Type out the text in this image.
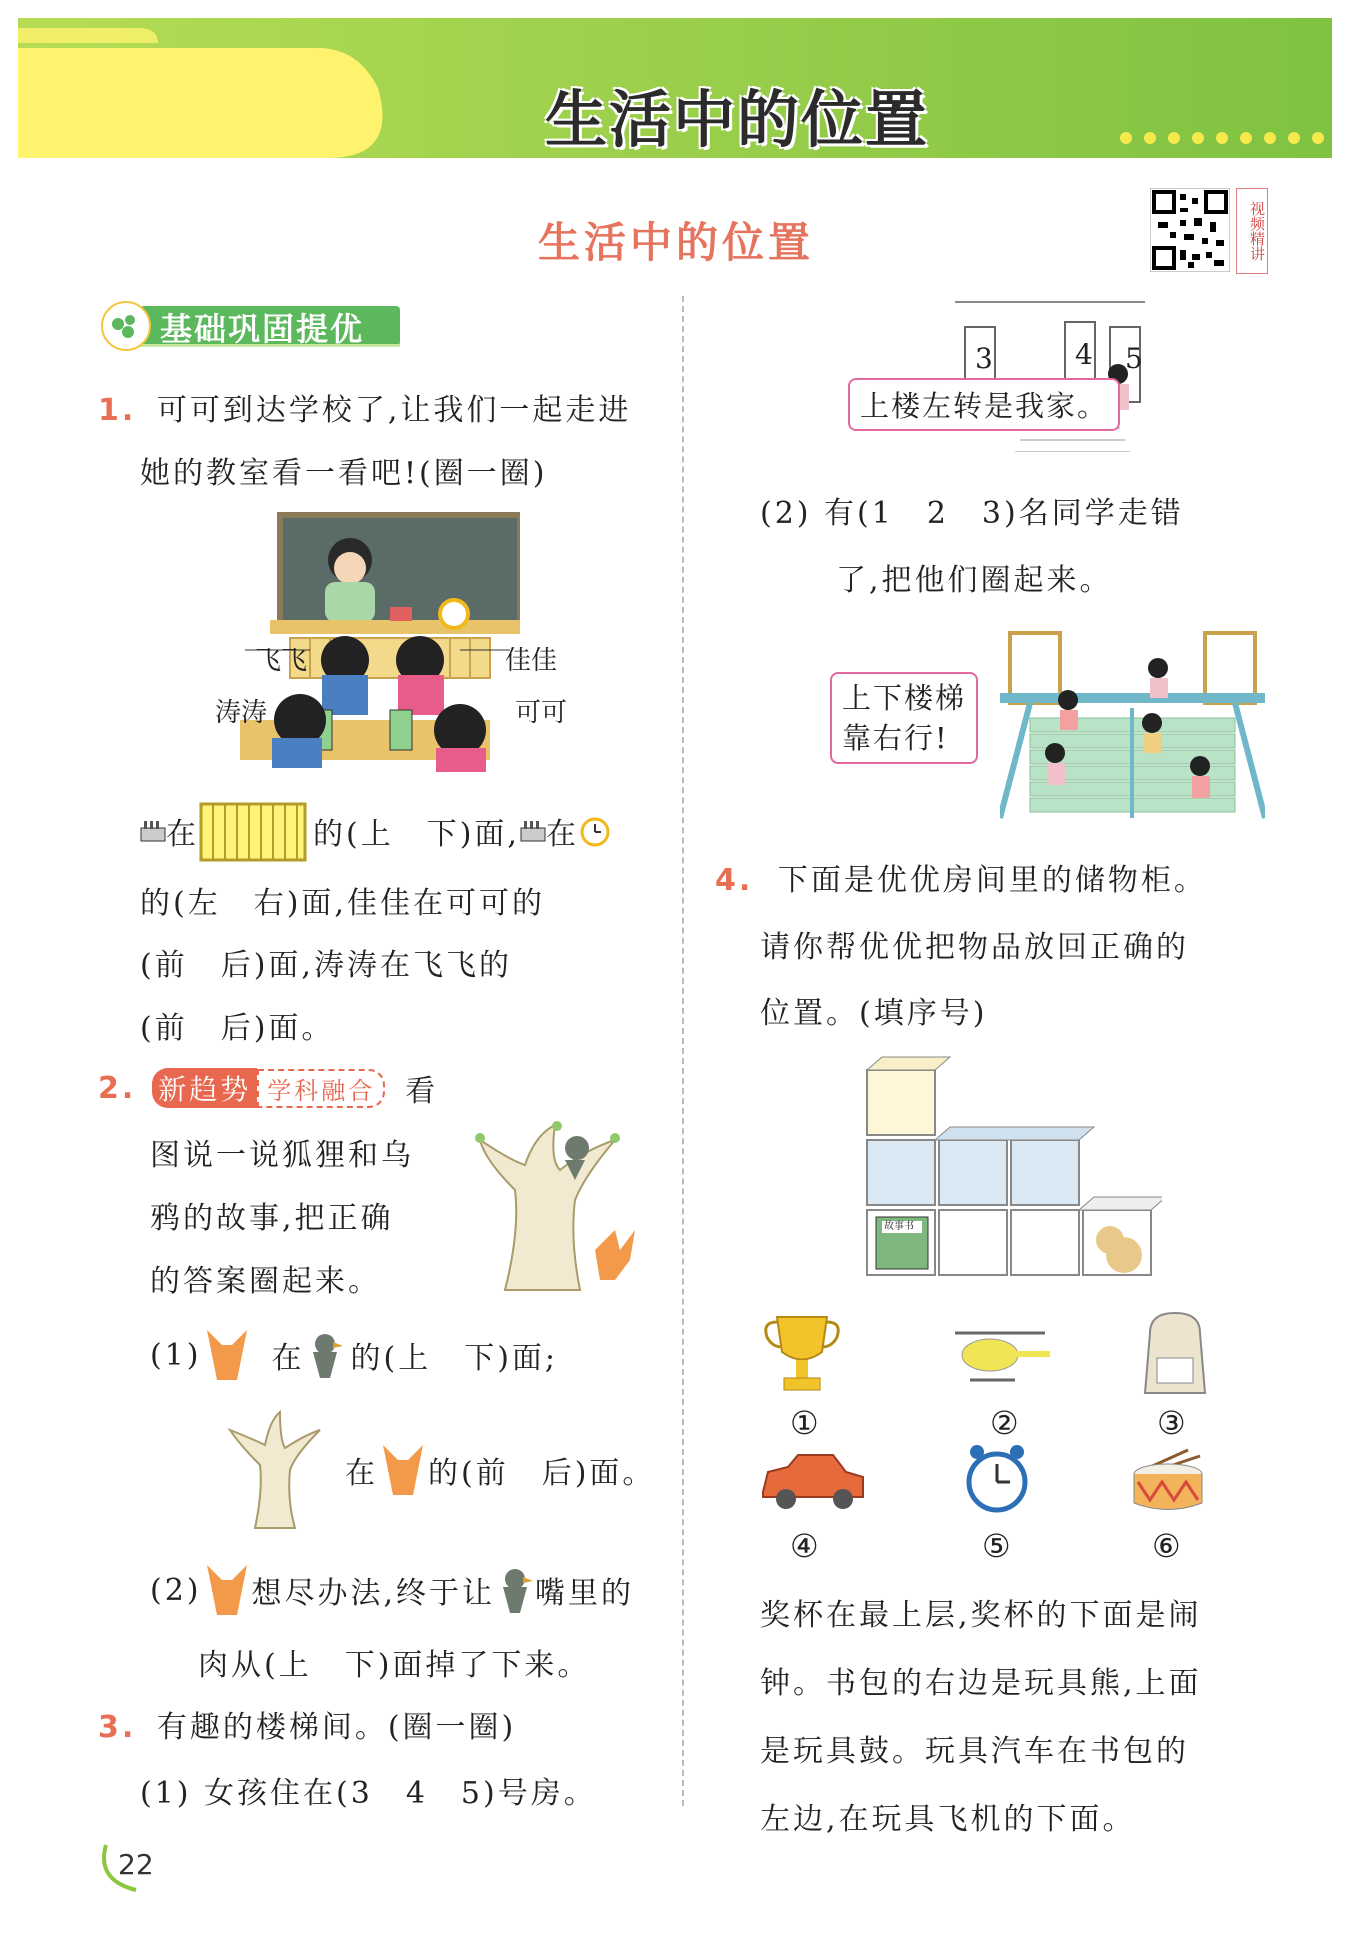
生活中的位置
生活中的位置	视频精讲
基础巩固提优
1. 可可到达学校了,让我们一起走进
她的教室看一看吧!(圈一圈)
飞飞	佳佳
涛涛	可可
在	的(上　下)面, 在
的(左　右)面,佳佳在可可的
(前　后)面,涛涛在飞飞的
(前　后)面。
2. 新趋势 学科融合	看
图说一说狐狸和乌
鸦的故事,把正确
的答案圈起来。
(1) 在 的(上　下)面;
在 的(前　后)面。
(2) 想尽办法,终于让 嘴里的
肉从(上　下)面掉了下来。
3. 有趣的楼梯间。(圈一圈)
(1) 女孩住在(3　4　5)号房。
22
3	4 5
上楼左转是我家。
(2) 有(1　2　3)名同学走错
了,把他们圈起来。
上下楼梯
靠右行!
4. 下面是优优房间里的储物柜。
请你帮优优把物品放回正确的
位置。(填序号)
故事书
①	②	③
④	⑤	⑥
奖杯在最上层,奖杯的下面是闹
钟。书包的右边是玩具熊,上面
是玩具鼓。玩具汽车在书包的
左边,在玩具飞机的下面。
